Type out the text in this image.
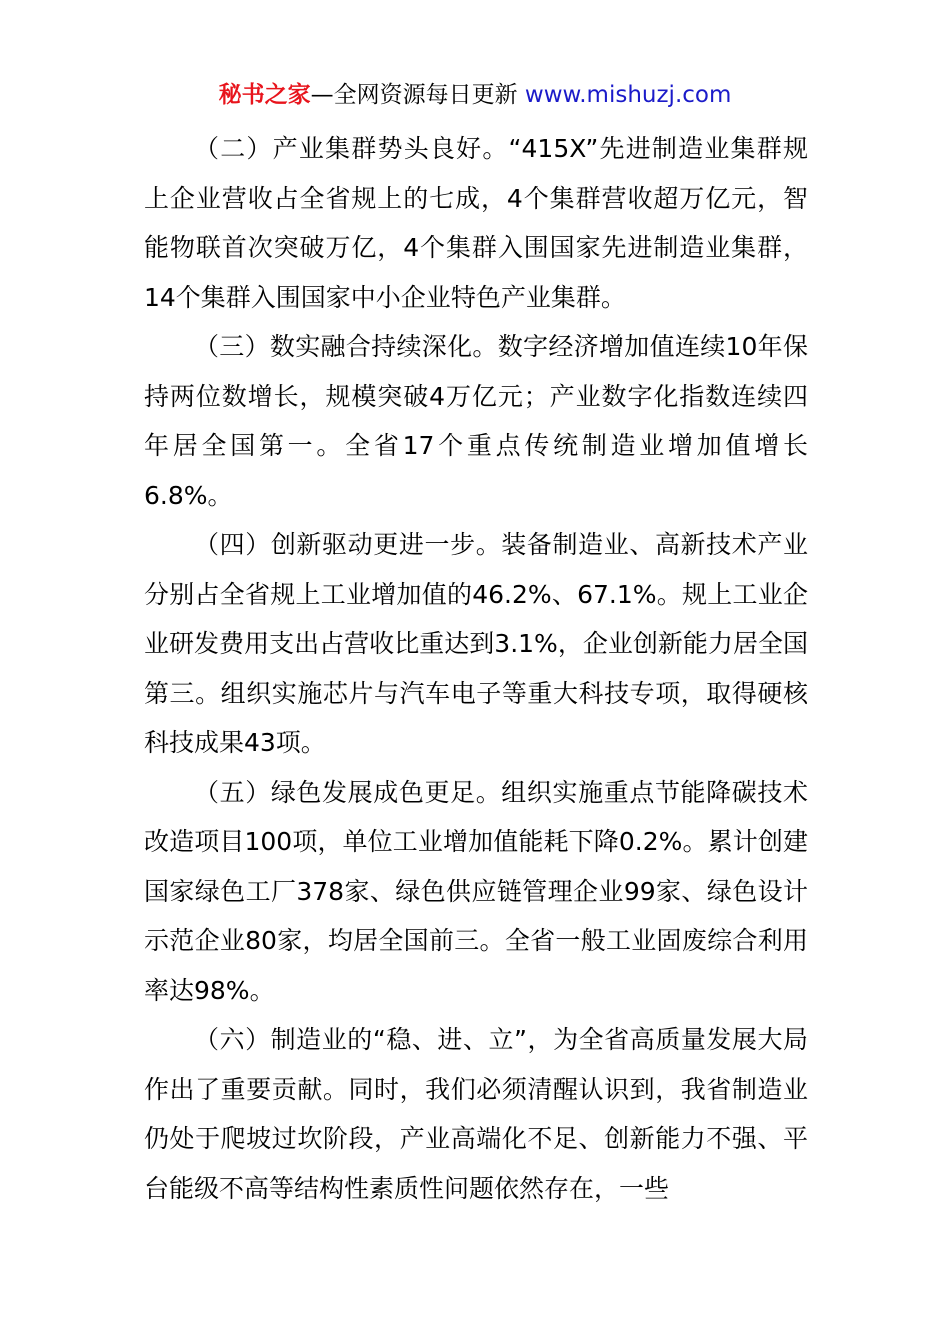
秘书之家—全网资源每日更新 www.mishuzj.com

（二）产业集群势头良好。“415X”先进制造业集群规上企业营收占全省规上的七成，4个集群营收超万亿元，智能物联首次突破万亿，4个集群入围国家先进制造业集群，14个集群入围国家中小企业特色产业集群。

（三）数实融合持续深化。数字经济增加值连续10年保持两位数增长，规模突破4万亿元；产业数字化指数连续四年居全国第一。全省17个重点传统制造业增加值增长6.8%。

（四）创新驱动更进一步。装备制造业、高新技术产业分别占全省规上工业增加值的46.2%、67.1%。规上工业企业研发费用支出占营收比重达到3.1%，企业创新能力居全国第三。组织实施芯片与汽车电子等重大科技专项，取得硬核科技成果43项。

（五）绿色发展成色更足。组织实施重点节能降碳技术改造项目100项，单位工业增加值能耗下降0.2%。累计创建国家绿色工厂378家、绿色供应链管理企业99家、绿色设计示范企业80家，均居全国前三。全省一般工业固废综合利用率达98%。

（六）制造业的“稳、进、立”，为全省高质量发展大局作出了重要贡献。同时，我们必须清醒认识到，我省制造业仍处于爬坡过坎阶段，产业高端化不足、创新能力不强、平台能级不高等结构性素质性问题依然存在，一些
